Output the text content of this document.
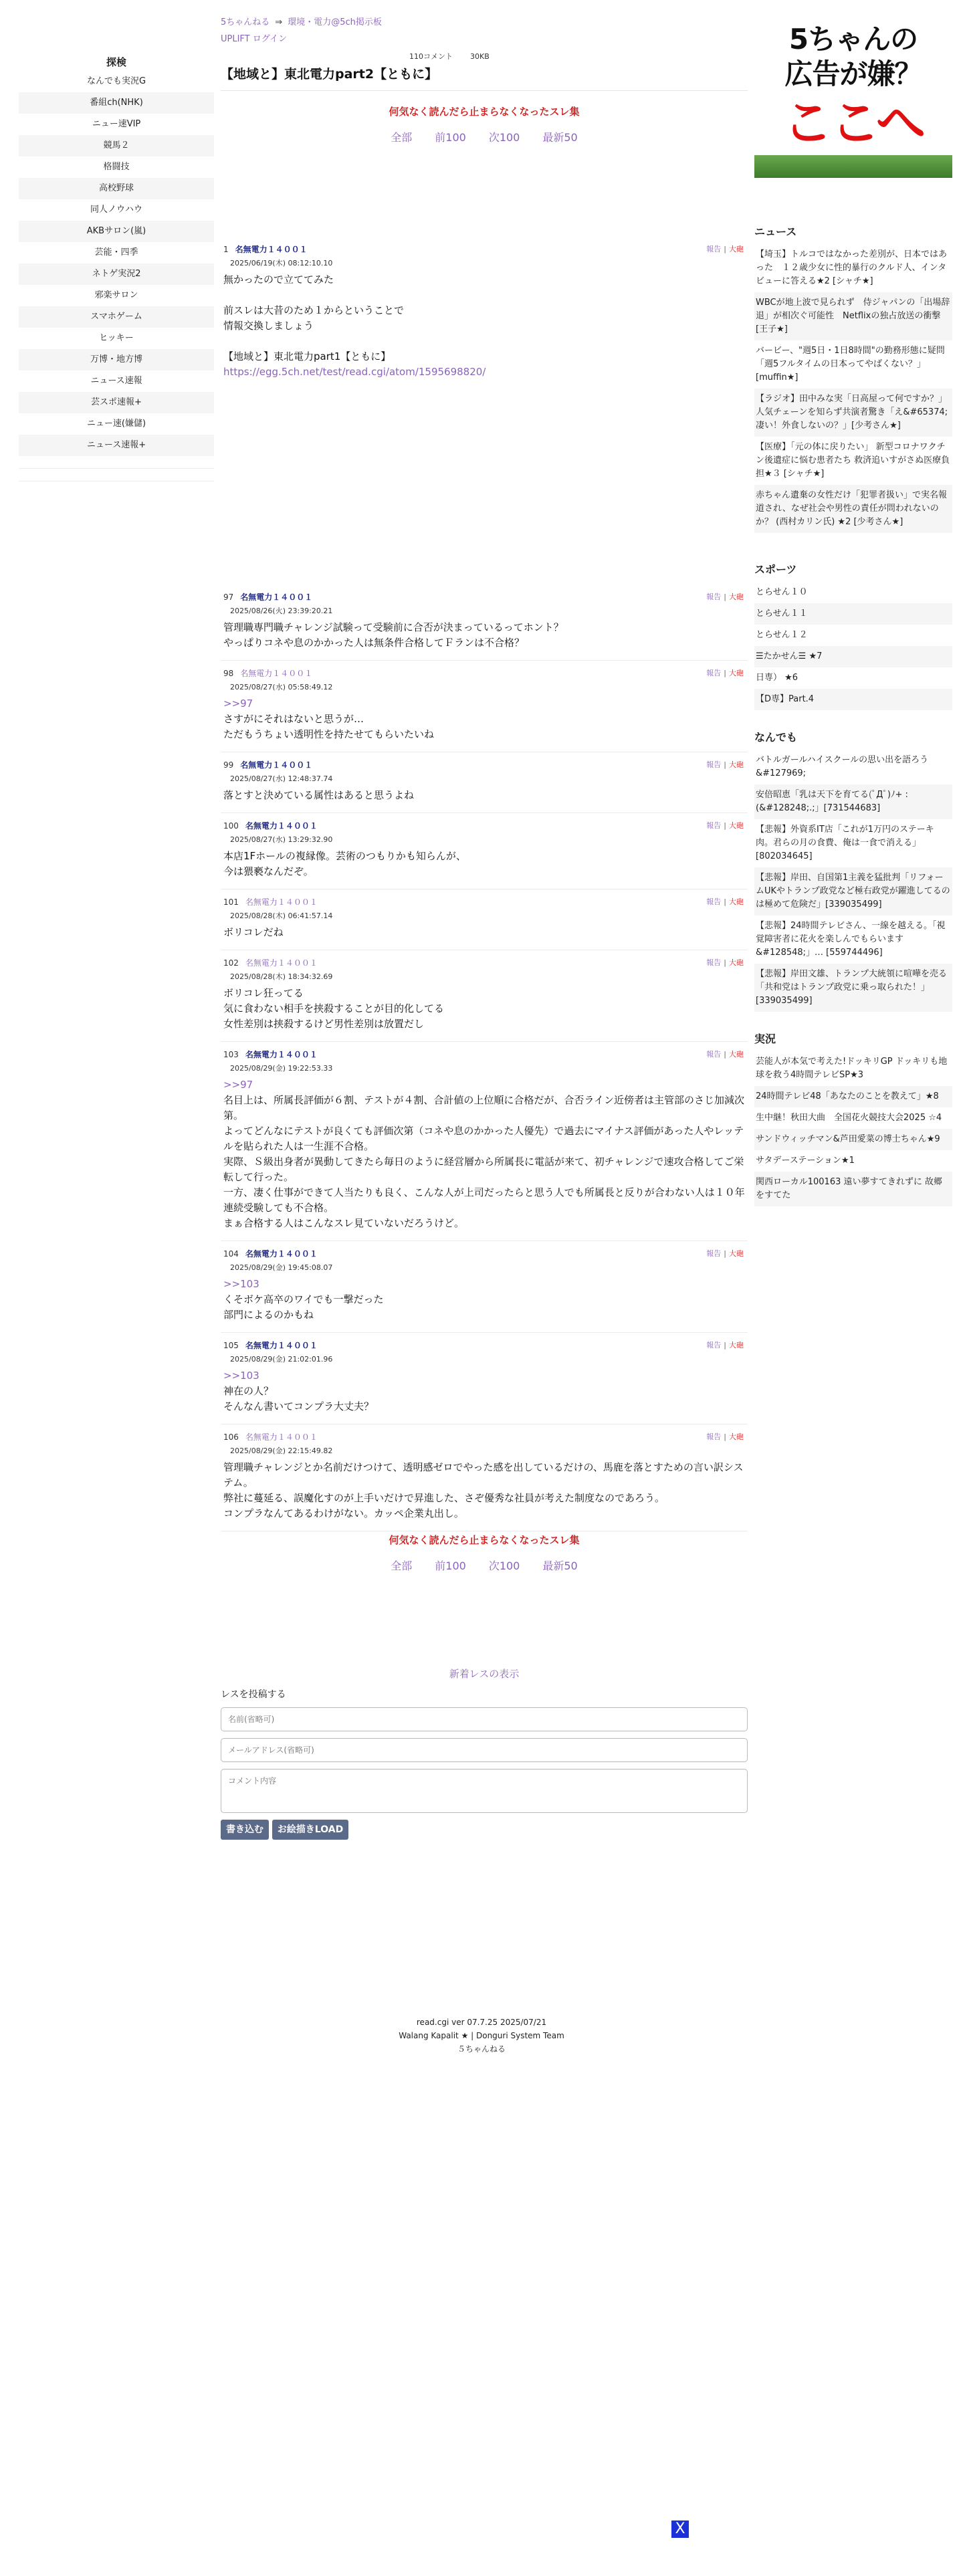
探検
なんでも実況G
番組ch(NHK)
ニュー速VIP
競馬２
格闘技
高校野球
同人ノウハウ
AKBサロン(嵐)
芸能・四季
ネトゲ実況2
邪楽サロン
スマホゲーム
ヒッキー
万博・地方博
ニュース速報
芸スポ速報+
ニュー速(嫌儲)
ニュース速報+
5ちゃんねる ⇒ 環境・電力@5ch掲示板
UPLIFT ログイン
110コメント 30KB
【地域と】東北電力part2【ともに】
何気なく読んだら止まらなくなったスレ集
全部 前100 次100 最新50
1 名無電力１４００１
2025/06/19(木) 08:12:10.10
報告 | 大砲
無かったので立ててみた
前スレは大昔のため１からということで
情報交換しましょう
【地域と】東北電力part1【ともに】
https://egg.5ch.net/test/read.cgi/atom/1595698820/
97 名無電力１４００１
2025/08/26(火) 23:39:20.21
報告 | 大砲
管理職専門職チャレンジ試験って受験前に合否が決まっているってホント？
やっぱりコネや息のかかった人は無条件合格してＦランは不合格？
98 名無電力１４００１
2025/08/27(水) 05:58:49.12
報告 | 大砲
>>97
さすがにそれはないと思うが…
ただもうちょい透明性を持たせてもらいたいね
99 名無電力１４００１
2025/08/27(水) 12:48:37.74
報告 | 大砲
落とすと決めている属性はあると思うよね
100 名無電力１４００１
2025/08/27(水) 13:29:32.90
報告 | 大砲
本店1Fホールの複縁像。芸術のつもりかも知らんが、
今は猥褻なんだぞ。
101 名無電力１４００１
2025/08/28(木) 06:41:57.14
報告 | 大砲
ボリコレだね
102 名無電力１４００１
2025/08/28(木) 18:34:32.69
報告 | 大砲
ボリコレ狂ってる
気に食わない相手を挟殺することが目的化してる
女性差別は挟殺するけど男性差別は放置だし
103 名無電力１４００１
2025/08/29(金) 19:22:53.33
報告 | 大砲
>>97
名目上は、所属長評価が６割、テストが４割、合計値の上位順に合格だが、合否ライン近傍者は主管部のさじ加減次第。
よってどんなにテストが良くても評価次第（コネや息のかかった人優先）で過去にマイナス評価があった人やレッテルを貼られた人は一生涯不合格。
実際、Ｓ級出身者が異動してきたら毎日のように経営層から所属長に電話が来て、初チャレンジで速攻合格してご栄転して行った。
一方、凄く仕事ができて人当たりも良く、こんな人が上司だったらと思う人でも所属長と反りが合わない人は１０年連続受験しても不合格。
まぁ合格する人はこんなスレ見ていないだろうけど。
104 名無電力１４００１
2025/08/29(金) 19:45:08.07
報告 | 大砲
>>103
くそボケ高卒のワイでも一撃だった
部門によるのかもね
105 名無電力１４００１
2025/08/29(金) 21:02:01.96
報告 | 大砲
>>103
神在の人？
そんなん書いてコンプラ大丈夫？
106 名無電力１４００１
2025/08/29(金) 22:15:49.82
報告 | 大砲
管理職チャレンジとか名前だけつけて、透明感ゼロでやった感を出しているだけの、馬鹿を落とすための言い訳システム。
弊社に蔓延る、誤魔化すのが上手いだけで昇進した、さぞ優秀な社員が考えた制度なのであろう。
コンプラなんてあるわけがない。カッペ企業丸出し。
何気なく読んだら止まらなくなったスレ集
全部 前100 次100 最新50
新着レスの表示
レスを投稿する
名前(省略可)
メールアドレス(省略可)
コメント内容
書き込む お絵描きLOAD
read.cgi ver 07.7.25 2025/07/21
Walang Kapalit ★ | Donguri System Team
５ちゃんねる
5ちゃんの
広告が嫌？
ここへ
ニュース
【埼玉】トルコではなかった差別が、日本ではあった　１２歳少女に性的暴行のクルド人、インタビューに答える★2 [シャチ★]
WBCが地上波で見られず　侍ジャパンの「出場辞退」が相次ぐ可能性　Netflixの独占放送の衝撃 [王子★]
バービー、"週5日・1日8時間"の勤務形態に疑問「週5フルタイムの日本ってやばくない？」 [muffin★]
【ラジオ】田中みな実「日高屋って何ですか？」 人気チェーンを知らず共演者驚き「え&#65374;凄い！外食しないの？」[少考さん★]
【医療】「元の体に戻りたい」 新型コロナワクチン後遺症に悩む患者たち 救済追いすがさぬ医療負担★３ [シャチ★]
赤ちゃん遺棄の女性だけ「犯罪者扱い」で実名報道され、なぜ社会や男性の責任が問われないのか？ (西村カリン氏) ★2 [少考さん★]
スポーツ
とらせん１０
とらせん１１
とらせん１２
☰たかせん☰ ★7
日専） ★6
【D専】Part.4
なんでも
バトルガールハイスクールの思い出を語ろう&#127969;
安倍昭恵「乳は天下を育てる(ﾟДﾟ)ﾉ+ :(&#128248;.;」[731544683]
【悲報】外資系IT店「これが1万円のステーキ肉。君らの月の食費、俺は一食で消える」[802034645]
【悲報】岸田、自国第1主義を猛批判「リフォームUKやトランプ政党など極右政党が躍進してるのは極めて危険だ」[339035499]
【悲報】24時間テレビさん、一線を越える。「視覚障害者に花火を楽しんでもらいます&#128548;」… [559744496]
【悲報】岸田文雄、トランプ大統領に喧嘩を売る「共和党はトランプ政党に乗っ取られた！」[339035499]
実況
芸能人が本気で考えた!ドッキリGP ドッキリも地球を救う4時間テレビSP★3
24時間テレビ48「あなたのことを教えて」★8
生中継！秋田大曲　全国花火競技大会2025 ☆4
サンドウィッチマン&芦田愛菜の博士ちゃん★9
サタデーステーション★1
関西ローカル100163 遠い夢すてきれずに 故郷をすてた
X
